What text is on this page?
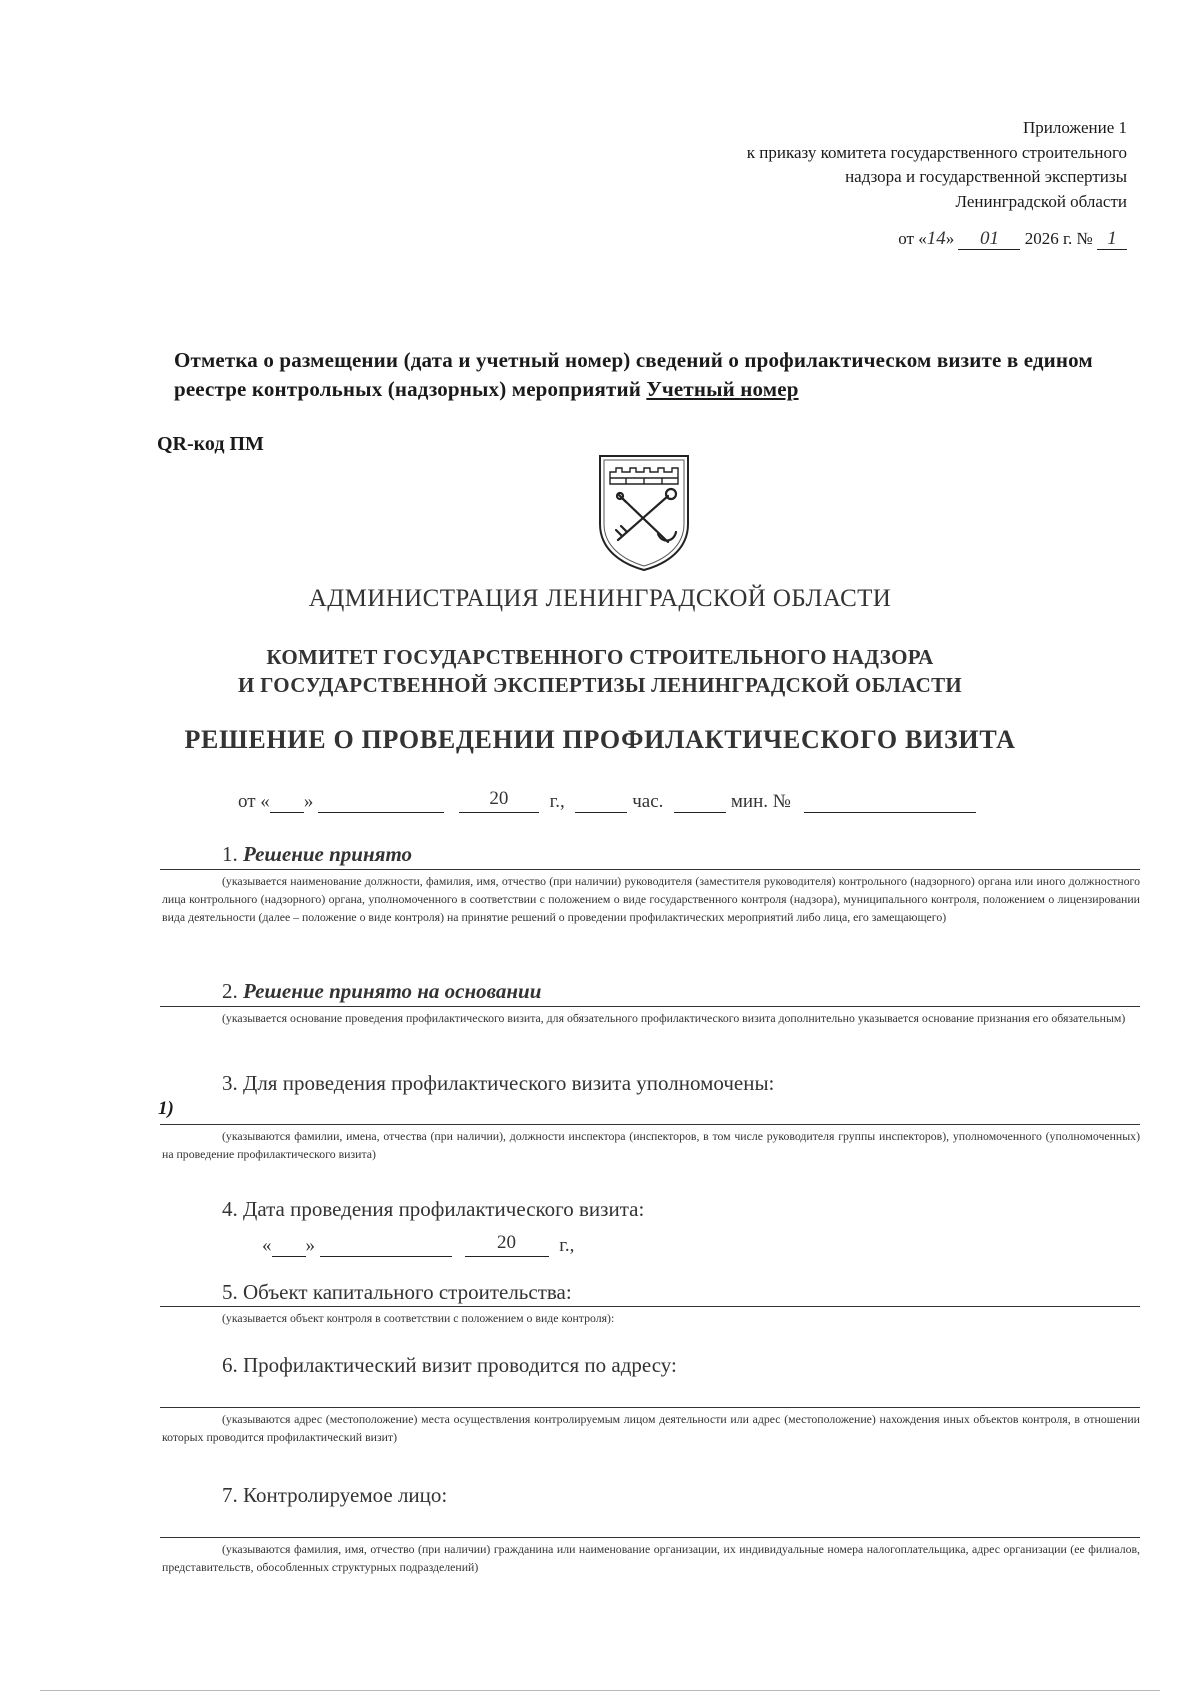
Приложение 1
к приказу комитета государственного строительного
надзора и государственной экспертизы
Ленинградской области
от «14» 01 2026 г. № 1
Отметка о размещении (дата и учетный номер) сведений о профилактическом визите в едином реестре контрольных (надзорных) мероприятий Учетный номер
QR-код ПМ
АДМИНИСТРАЦИЯ ЛЕНИНГРАДСКОЙ ОБЛАСТИ
КОМИТЕТ ГОСУДАРСТВЕННОГО СТРОИТЕЛЬНОГО НАДЗОРА
И ГОСУДАРСТВЕННОЙ ЭКСПЕРТИЗЫ ЛЕНИНГРАДСКОЙ ОБЛАСТИ
РЕШЕНИЕ О ПРОВЕДЕНИИ ПРОФИЛАКТИЧЕСКОГО ВИЗИТА
от « »	20 г.,	час.	мин. №
1. Решение принято
(указывается наименование должности, фамилия, имя, отчество (при наличии) руководителя (заместителя руководителя) контрольного (надзорного) органа или иного должностного лица контрольного (надзорного) органа, уполномоченного в соответствии с положением о виде государственного контроля (надзора), муниципального контроля, положением о лицензировании вида деятельности (далее – положение о виде контроля) на принятие решений о проведении профилактических мероприятий либо лица, его замещающего)
2. Решение принято на основании
(указывается основание проведения профилактического визита, для обязательного профилактического визита дополнительно указывается основание признания его обязательным)
3. Для проведения профилактического визита уполномочены:
1)
(указываются фамилии, имена, отчества (при наличии), должности инспектора (инспекторов, в том числе руководителя группы инспекторов), уполномоченного (уполномоченных) на проведение профилактического визита)
4. Дата проведения профилактического визита:
« »	20 г.,
5. Объект капитального строительства:
(указывается объект контроля в соответствии с положением о виде контроля):
6. Профилактический визит проводится по адресу:
(указываются адрес (местоположение) места осуществления контролируемым лицом деятельности или адрес (местоположение) нахождения иных объектов контроля, в отношении которых проводится профилактический визит)
7. Контролируемое лицо:
(указываются фамилия, имя, отчество (при наличии) гражданина или наименование организации, их индивидуальные номера налогоплательщика, адрес организации (ее филиалов, представительств, обособленных структурных подразделений)
